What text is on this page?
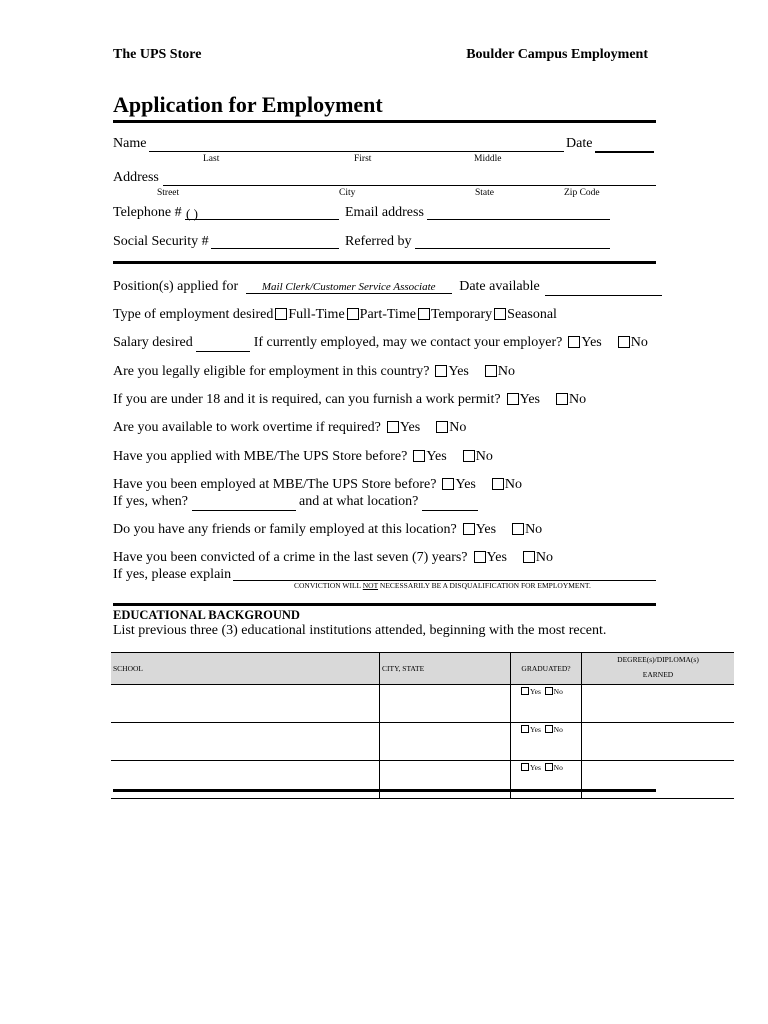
The UPS Store	Boulder Campus Employment
Application for Employment
Name	Date
Last	First	Middle
Address
Street	City	State	Zip Code
Telephone # ( )	Email address
Social Security #	Referred by
Position(s) applied for Mail Clerk/Customer Service Associate Date available
Type of employment desired Full-Time Part-Time Temporary Seasonal
Salary desired	If currently employed, may we contact your employer? Yes No
Are you legally eligible for employment in this country? Yes No
If you are under 18 and it is required, can you furnish a work permit? Yes No
Are you available to work overtime if required? Yes No
Have you applied with MBE/The UPS Store before? Yes No
Have you been employed at MBE/The UPS Store before? Yes No
If yes, when?	and at what location?
Do you have any friends or family employed at this location? Yes No
Have you been convicted of a crime in the last seven (7) years? Yes No
If yes, please explain
CONVICTION WILL NOT NECESSARILY BE A DISQUALIFICATION FOR EMPLOYMENT.
EDUCATIONAL BACKGROUND
List previous three (3) educational institutions attended, beginning with the most recent.
SCHOOL	CITY, STATE	GRADUATED?	DEGREE(s)/DIPLOMA(s)
EARNED

		Yes No	
		Yes No	
		Yes No	
